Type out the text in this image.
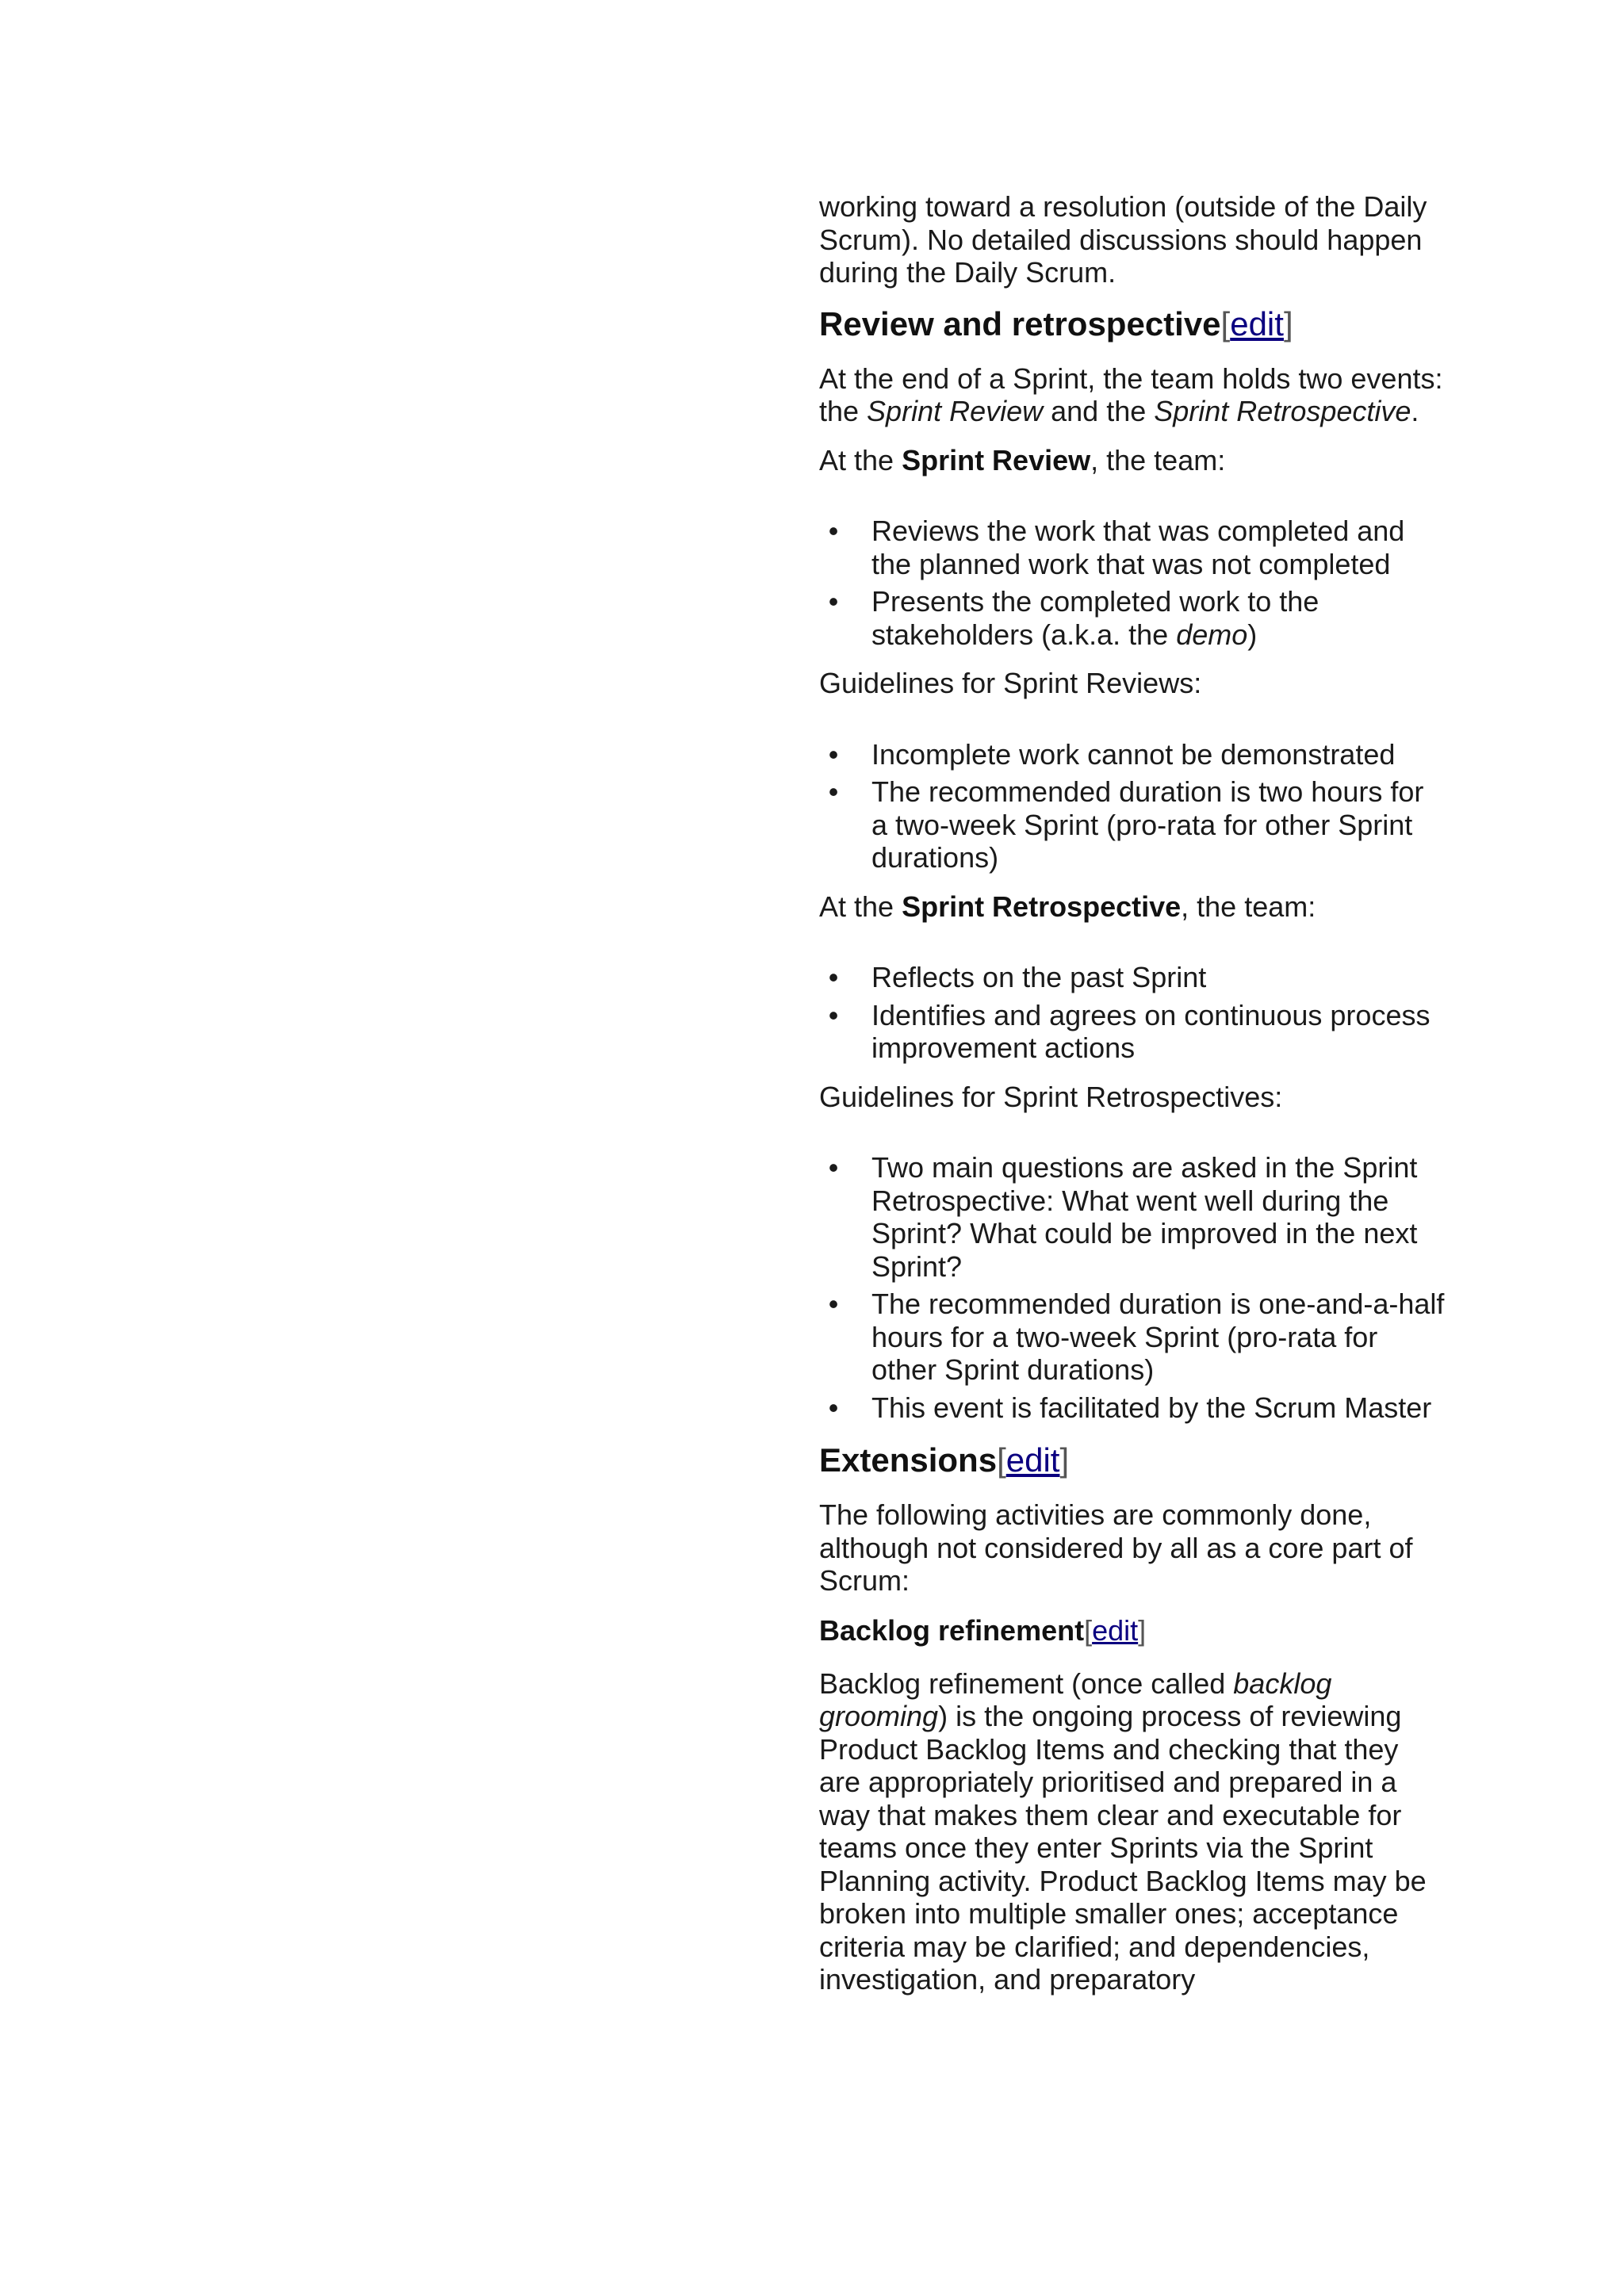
working toward a resolution (outside of the Daily Scrum). No detailed discussions should happen during the Daily Scrum.

Review and retrospective[edit]

At the end of a Sprint, the team holds two events: the Sprint Review and the Sprint Retrospective.

At the Sprint Review, the team:

• Reviews the work that was completed and the planned work that was not completed
• Presents the completed work to the stakeholders (a.k.a. the demo)

Guidelines for Sprint Reviews:

• Incomplete work cannot be demonstrated
• The recommended duration is two hours for a two-week Sprint (pro-rata for other Sprint durations)

At the Sprint Retrospective, the team:

• Reflects on the past Sprint
• Identifies and agrees on continuous process improvement actions

Guidelines for Sprint Retrospectives:

• Two main questions are asked in the Sprint Retrospective: What went well during the Sprint? What could be improved in the next Sprint?
• The recommended duration is one-and-a-half hours for a two-week Sprint (pro-rata for other Sprint durations)
• This event is facilitated by the Scrum Master
Extensions[edit]

The following activities are commonly done, although not considered by all as a core part of Scrum:

Backlog refinement[edit]

Backlog refinement (once called backlog grooming) is the ongoing process of reviewing Product Backlog Items and checking that they are appropriately prioritised and prepared in a way that makes them clear and executable for teams once they enter Sprints via the Sprint Planning activity. Product Backlog Items may be broken into multiple smaller ones; acceptance criteria may be clarified; and dependencies, investigation, and preparatory
